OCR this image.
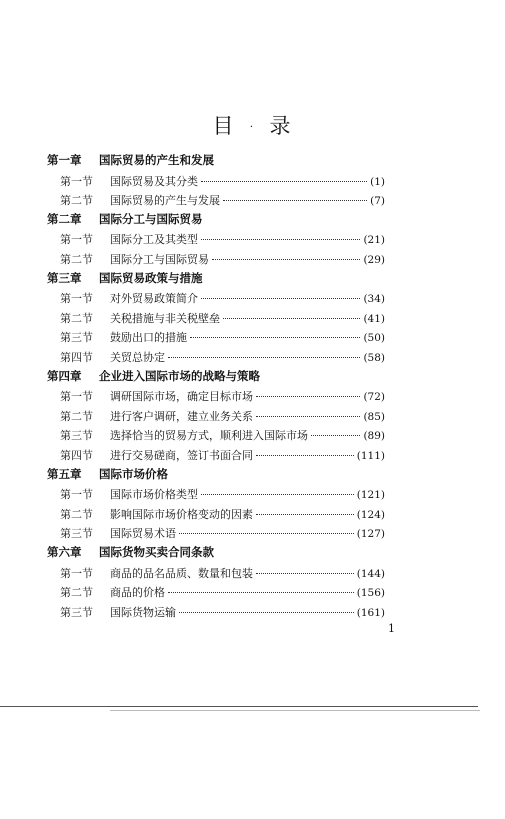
目 · 录
第一章 国际贸易的产生和发展
第一节	国际贸易及其分类	(1)
第二节	国际贸易的产生与发展	(7)
第二章 国际分工与国际贸易
第一节	国际分工及其类型	(21)
第二节	国际分工与国际贸易	(29)
第三章 国际贸易政策与措施
第一节	对外贸易政策简介	(34)
第二节	关税措施与非关税壁垒	(41)
第三节	鼓励出口的措施	(50)
第四节	关贸总协定	(58)
第四章 企业进入国际市场的战略与策略
第一节	调研国际市场，确定目标市场	(72)
第二节	进行客户调研，建立业务关系	(85)
第三节	选择恰当的贸易方式，顺利进入国际市场	(89)
第四节	进行交易磋商，签订书面合同	(111)
第五章 国际市场价格
第一节	国际市场价格类型	(121)
第二节	影响国际市场价格变动的因素	(124)
第三节	国际贸易术语	(127)
第六章 国际货物买卖合同条款
第一节	商品的品名品质、数量和包装	(144)
第二节	商品的价格	(156)
第三节	国际货物运输	(161)
1
